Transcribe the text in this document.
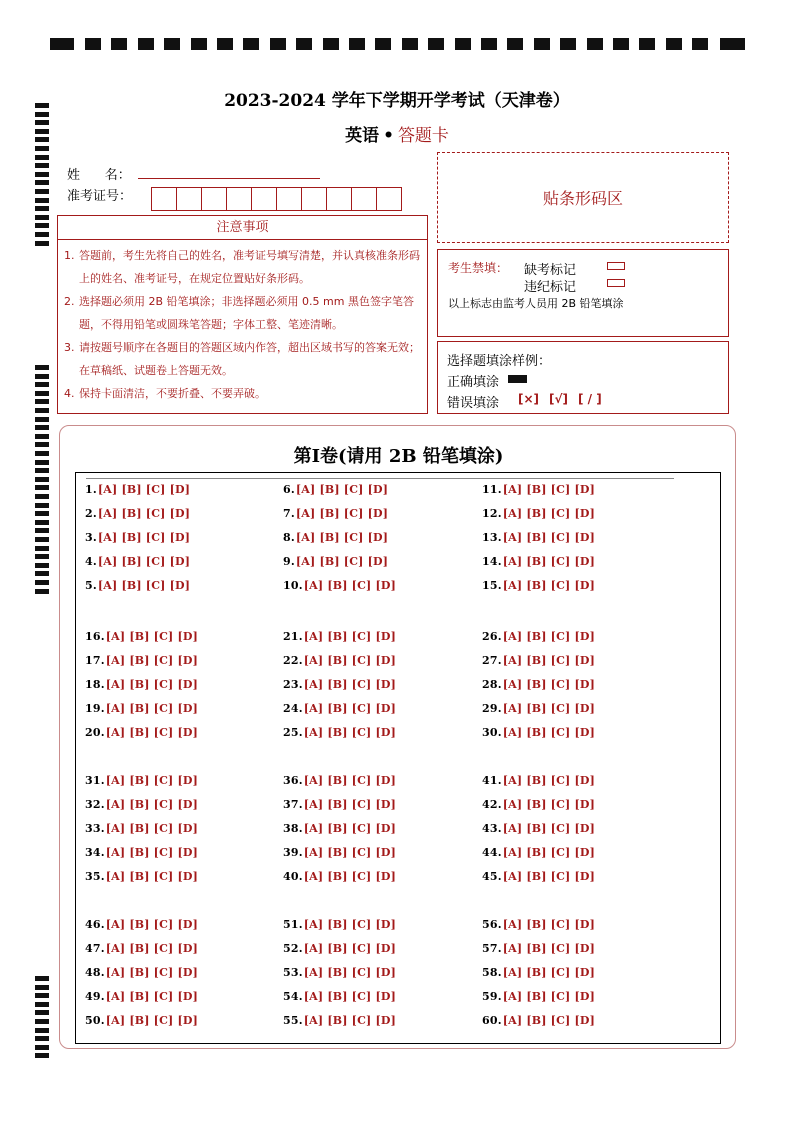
2023-2024 学年下学期开学考试（天津卷）
英语 • 答题卡
姓      名：
准考证号：	贴条形码区
注意事项
1. 答题前，考生先将自己的姓名，准考证号填写清楚，并认真核准条形码上的姓名、准考证号，在规定位置贴好条形码。
2. 选择题必须用 2B 铅笔填涂；非选择题必须用 0.5 mm 黑色签字笔答题，不得用铅笔或圆珠笔答题；字体工整、笔迹清晰。
3. 请按题号顺序在各题目的答题区域内作答，超出区域书写的答案无效；在草稿纸、试题卷上答题无效。
4. 保持卡面清洁，不要折叠、不要弄破。
考生禁填： 缺考标记
违纪标记
以上标志由监考人员用 2B 铅笔填涂
选择题填涂样例：
正确填涂
错误填涂 [×] [√] [ / ]
第Ⅰ卷(请用 2B 铅笔填涂)
1.[A] [B] [C] [D]
2.[A] [B] [C] [D]
3.[A] [B] [C] [D]
4.[A] [B] [C] [D]
5.[A] [B] [C] [D]
6.[A] [B] [C] [D]
7.[A] [B] [C] [D]
8.[A] [B] [C] [D]
9.[A] [B] [C] [D]
10.[A] [B] [C] [D]
11.[A] [B] [C] [D]
12.[A] [B] [C] [D]
13.[A] [B] [C] [D]
14.[A] [B] [C] [D]
15.[A] [B] [C] [D]
16.[A] [B] [C] [D]
17.[A] [B] [C] [D]
18.[A] [B] [C] [D]
19.[A] [B] [C] [D]
20.[A] [B] [C] [D]
21.[A] [B] [C] [D]
22.[A] [B] [C] [D]
23.[A] [B] [C] [D]
24.[A] [B] [C] [D]
25.[A] [B] [C] [D]
26.[A] [B] [C] [D]
27.[A] [B] [C] [D]
28.[A] [B] [C] [D]
29.[A] [B] [C] [D]
30.[A] [B] [C] [D]
31.[A] [B] [C] [D]
32.[A] [B] [C] [D]
33.[A] [B] [C] [D]
34.[A] [B] [C] [D]
35.[A] [B] [C] [D]
36.[A] [B] [C] [D]
37.[A] [B] [C] [D]
38.[A] [B] [C] [D]
39.[A] [B] [C] [D]
40.[A] [B] [C] [D]
41.[A] [B] [C] [D]
42.[A] [B] [C] [D]
43.[A] [B] [C] [D]
44.[A] [B] [C] [D]
45.[A] [B] [C] [D]
46.[A] [B] [C] [D]
47.[A] [B] [C] [D]
48.[A] [B] [C] [D]
49.[A] [B] [C] [D]
50.[A] [B] [C] [D]
51.[A] [B] [C] [D]
52.[A] [B] [C] [D]
53.[A] [B] [C] [D]
54.[A] [B] [C] [D]
55.[A] [B] [C] [D]
56.[A] [B] [C] [D]
57.[A] [B] [C] [D]
58.[A] [B] [C] [D]
59.[A] [B] [C] [D]
60.[A] [B] [C] [D]
